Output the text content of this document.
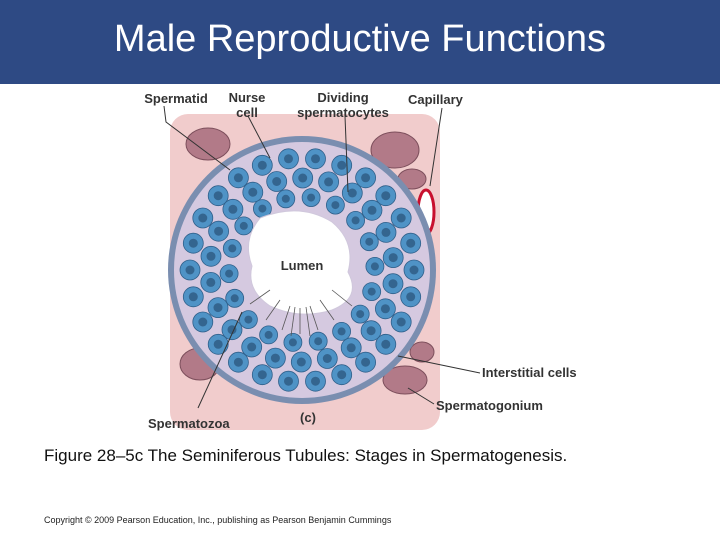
Male Reproductive Functions
Spermatid	Nurse
cell
Dividing
spermatocytes
Capillary
Lumen
Interstitial cells
Spermatogonium
Spermatozoa	(c)
Figure 28–5c The Seminiferous Tubules: Stages in Spermatogenesis.
Copyright © 2009 Pearson Education, Inc., publishing as Pearson Benjamin Cummings
